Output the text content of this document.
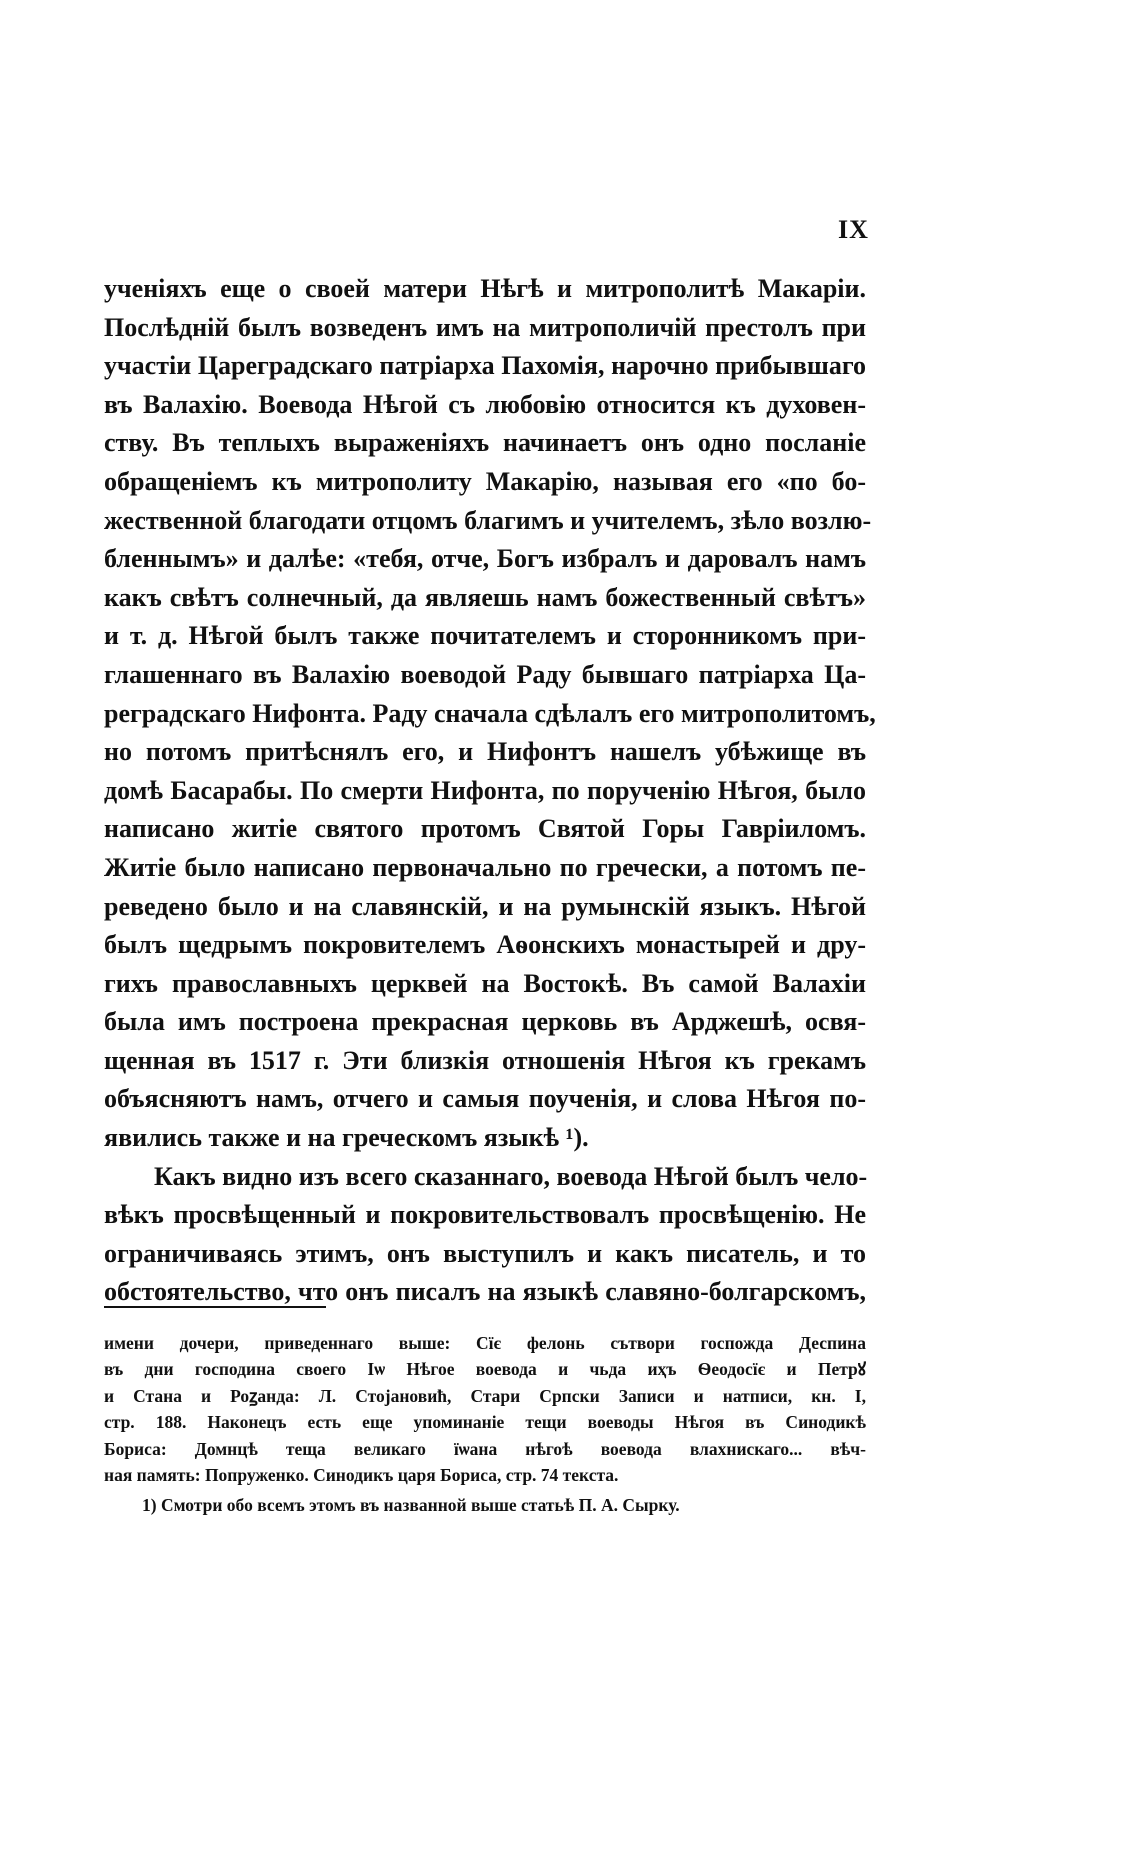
IX
ученіяхъ еще о своей матери Нѣгѣ и митрополитѣ Макаріи.
Послѣдній былъ возведенъ имъ на митрополичій престолъ при
участіи Цареградскаго патріарха Пахомія, нарочно прибывшаго
въ Валахію. Воевода Нѣгой съ любовію относится къ духовен-
ству. Въ теплыхъ выраженіяхъ начинаетъ онъ одно посланіе
обращеніемъ къ митрополиту Макарію, называя его «по бо-
жественной благодати отцомъ благимъ и учителемъ, зѣло возлю-
бленнымъ» и далѣе: «тебя, отче, Богъ избралъ и даровалъ намъ
какъ свѣтъ солнечный, да являешь намъ божественный свѣтъ»
и т. д. Нѣгой былъ также почитателемъ и сторонникомъ при-
глашеннаго въ Валахію воеводой Раду бывшаго патріарха Ца-
реградскаго Нифонта. Раду сначала сдѣлалъ его митрополитомъ,
но потомъ притѣснялъ его, и Нифонтъ нашелъ убѣжище въ
домѣ Басарабы. По смерти Нифонта, по порученію Нѣгоя, было
написано житіе святого протомъ Святой Горы Гавріиломъ.
Житіе было написано первоначально по гречески, а потомъ пе-
реведено было и на славянскій, и на румынскій языкъ. Нѣгой
былъ щедрымъ покровителемъ Аѳонскихъ монастырей и дру-
гихъ православныхъ церквей на Востокѣ. Въ самой Валахіи
была имъ построена прекрасная церковь въ Арджешѣ, освя-
щенная въ 1517 г. Эти близкія отношенія Нѣгоя къ грекамъ
объясняютъ намъ, отчего и самыя поученія, и слова Нѣгоя по-
явились также и на греческомъ языкѣ ¹).
Какъ видно изъ всего сказаннаго, воевода Нѣгой былъ чело-
вѣкъ просвѣщенный и покровительствовалъ просвѣщенію. Не
ограничиваясь этимъ, онъ выступилъ и какъ писатель, и то
обстоятельство, что онъ писалъ на языкѣ славяно-болгарскомъ,
имени дочери, приведеннаго выше: Сїє фелонь сътвори госпожда Деспина
въ дни господина своего Іѡ Нѣгое воевода и чьда иҳъ Ѳеодосїє и Петрꙋ
и Станa и Роꙁанда: Л. Стојановић, Стари Српски Записи и натписи, кн. I,
стр. 188. Наконецъ есть еще упоминаніе тещи воеводы Нѣгоя въ Синодикѣ
Бориса: Домнцѣ тещa великаго їѡана нѣгоѣ воевода влахнискаго... вѣч-
ная память: Попруженко. Синодикъ царя Бориса, стр. 74 текста.
1) Смотри обо всемъ этомъ въ названной выше статьѣ П. А. Сырку.
